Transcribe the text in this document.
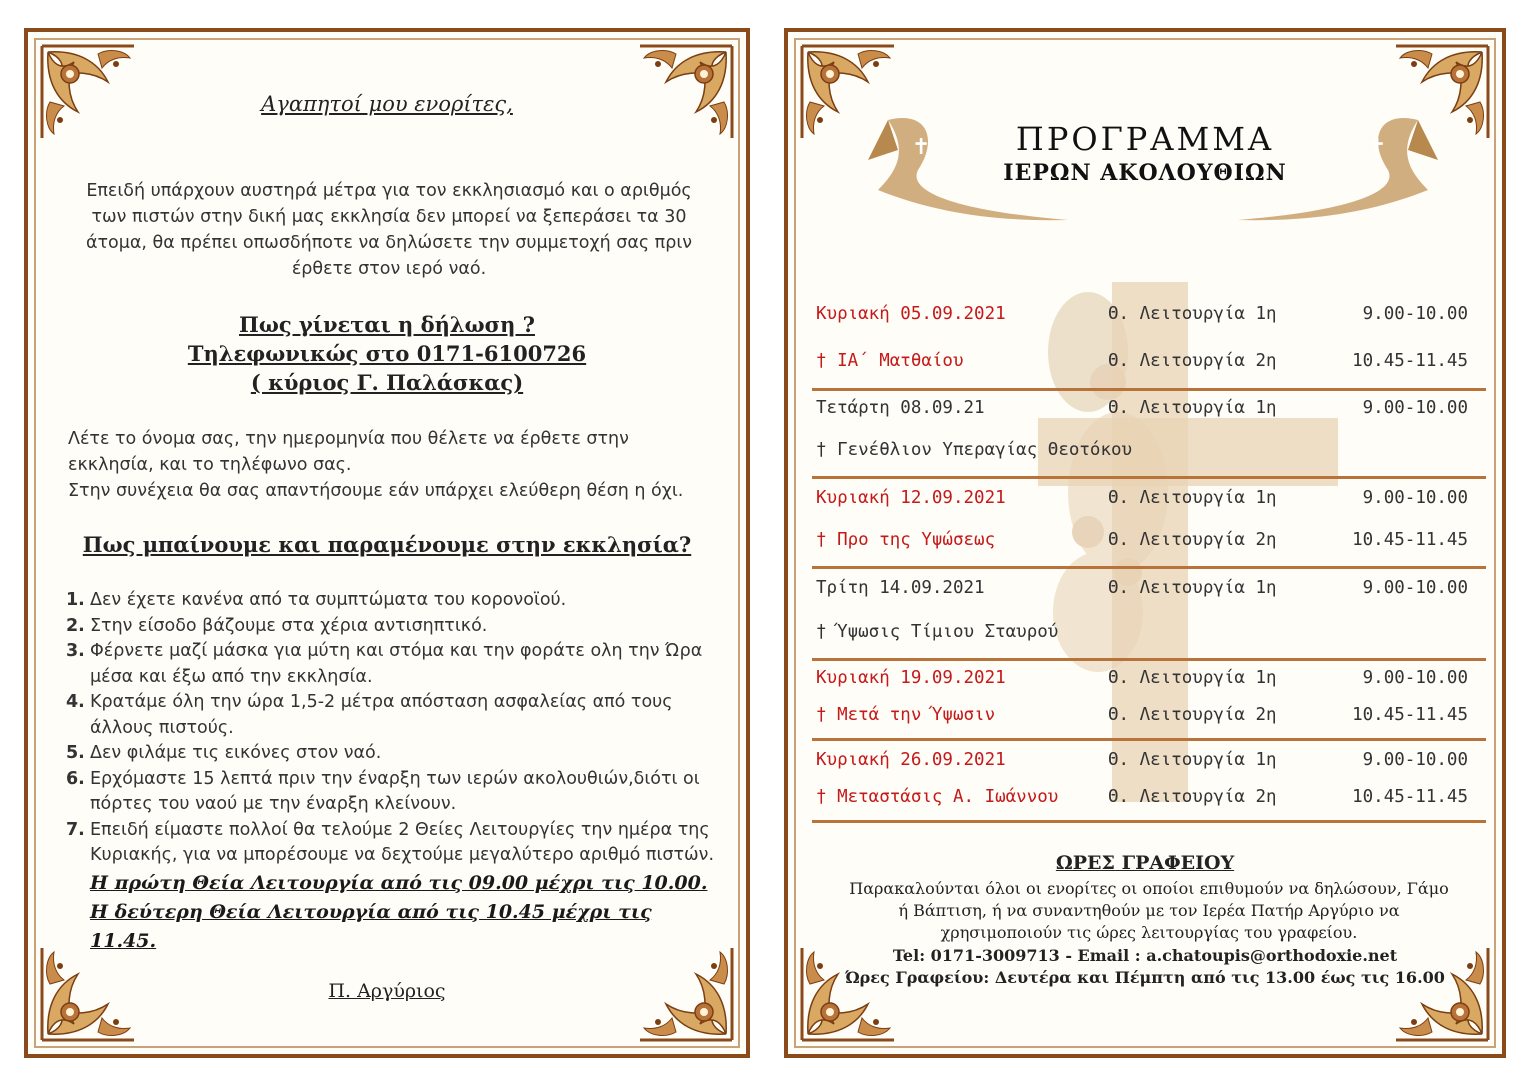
Αγαπητοί μου ενορίτες,
Επειδή υπάρχουν αυστηρά μέτρα για τον εκκλησιασμό και ο αριθμός των πιστών στην δική μας εκκλησία δεν μπορεί να ξεπεράσει τα 30 άτομα, θα πρέπει οπωσδήποτε να δηλώσετε την συμμετοχή σας πριν έρθετε στον ιερό ναό.
Πως γίνεται η δήλωση ?
Τηλεφωνικώς στο 0171-6100726
( κύριος Γ. Παλάσκας)
Λέτε το όνομα σας, την ημερομηνία που θέλετε να έρθετε στην εκκλησία, και το τηλέφωνο σας.
Στην συνέχεια θα σας απαντήσουμε εάν υπάρχει ελεύθερη θέση η όχι.
Πως μπαίνουμε και παραμένουμε στην εκκλησία?
1. Δεν έχετε κανένα από τα συμπτώματα του κορονοϊού.
2. Στην είσοδο βάζουμε στα χέρια αντισηπτικό.
3. Φέρνετε μαζί μάσκα για μύτη και στόμα και την φοράτε ολη την Ώρα μέσα και έξω από την εκκλησία.
4. Κρατάμε όλη την ώρα 1,5-2 μέτρα απόσταση ασφαλείας από τους άλλους πιστούς.
5. Δεν φιλάμε τις εικόνες στον ναό.
6. Ερχόμαστε 15 λεπτά πριν την έναρξη των ιερών ακολουθιών,διότι οι πόρτες του ναού με την έναρξη κλείνουν.
7. Επειδή είμαστε πολλοί θα τελούμε 2 Θείες Λειτουργίες την ημέρα της Κυριακής, για να μπορέσουμε να δεχτούμε μεγαλύτερο αριθμό πιστών.
Η πρώτη Θεία Λειτουργία από τις 09.00 μέχρι τις 10.00.
Η δεύτερη Θεία Λειτουργία από τις 10.45 μέχρι τις 11.45.
Π. Αργύριος
✝	✝
ΠΡΟΓΡΑΜΜΑ
ΙΕΡΩΝ ΑΚΟΛΟΥΘΙΩΝ
Κυριακή 05.09.2021	Θ. Λειτουργία 1η	9.00-10.00
† ΙΑ΄ Ματθαίου	Θ. Λειτουργία 2η	10.45-11.45
Τετάρτη 08.09.21	Θ. Λειτουργία 1η	9.00-10.00
† Γενέθλιον Υπεραγίας Θεοτόκου
Κυριακή 12.09.2021	Θ. Λειτουργία 1η	9.00-10.00
† Προ της Υψώσεως	Θ. Λειτουργία 2η	10.45-11.45
Τρίτη 14.09.2021	Θ. Λειτουργία 1η	9.00-10.00
† Ύψωσις Τίμιου Σταυρού
Κυριακή 19.09.2021	Θ. Λειτουργία 1η	9.00-10.00
† Μετά την Ύψωσιν	Θ. Λειτουργία 2η	10.45-11.45
Κυριακή 26.09.2021	Θ. Λειτουργία 1η	9.00-10.00
† Μεταστάσις Α. Ιωάννου	Θ. Λειτουργία 2η	10.45-11.45
ΩΡΕΣ ΓΡΑΦΕΙΟΥ
Παρακαλούνται όλοι οι ενορίτες οι οποίοι επιθυμούν να δηλώσουν, Γάμο ή Βάπτιση, ή να συναντηθούν με τον Ιερέα Πατήρ Αργύριο να χρησιμοποιούν τις ώρες λειτουργίας του γραφείου.
Tel: 0171-3009713 - Email : a.chatoupis@orthodoxie.net
Ώρες Γραφείου: Δευτέρα και Πέμπτη από τις 13.00 έως τις 16.00
